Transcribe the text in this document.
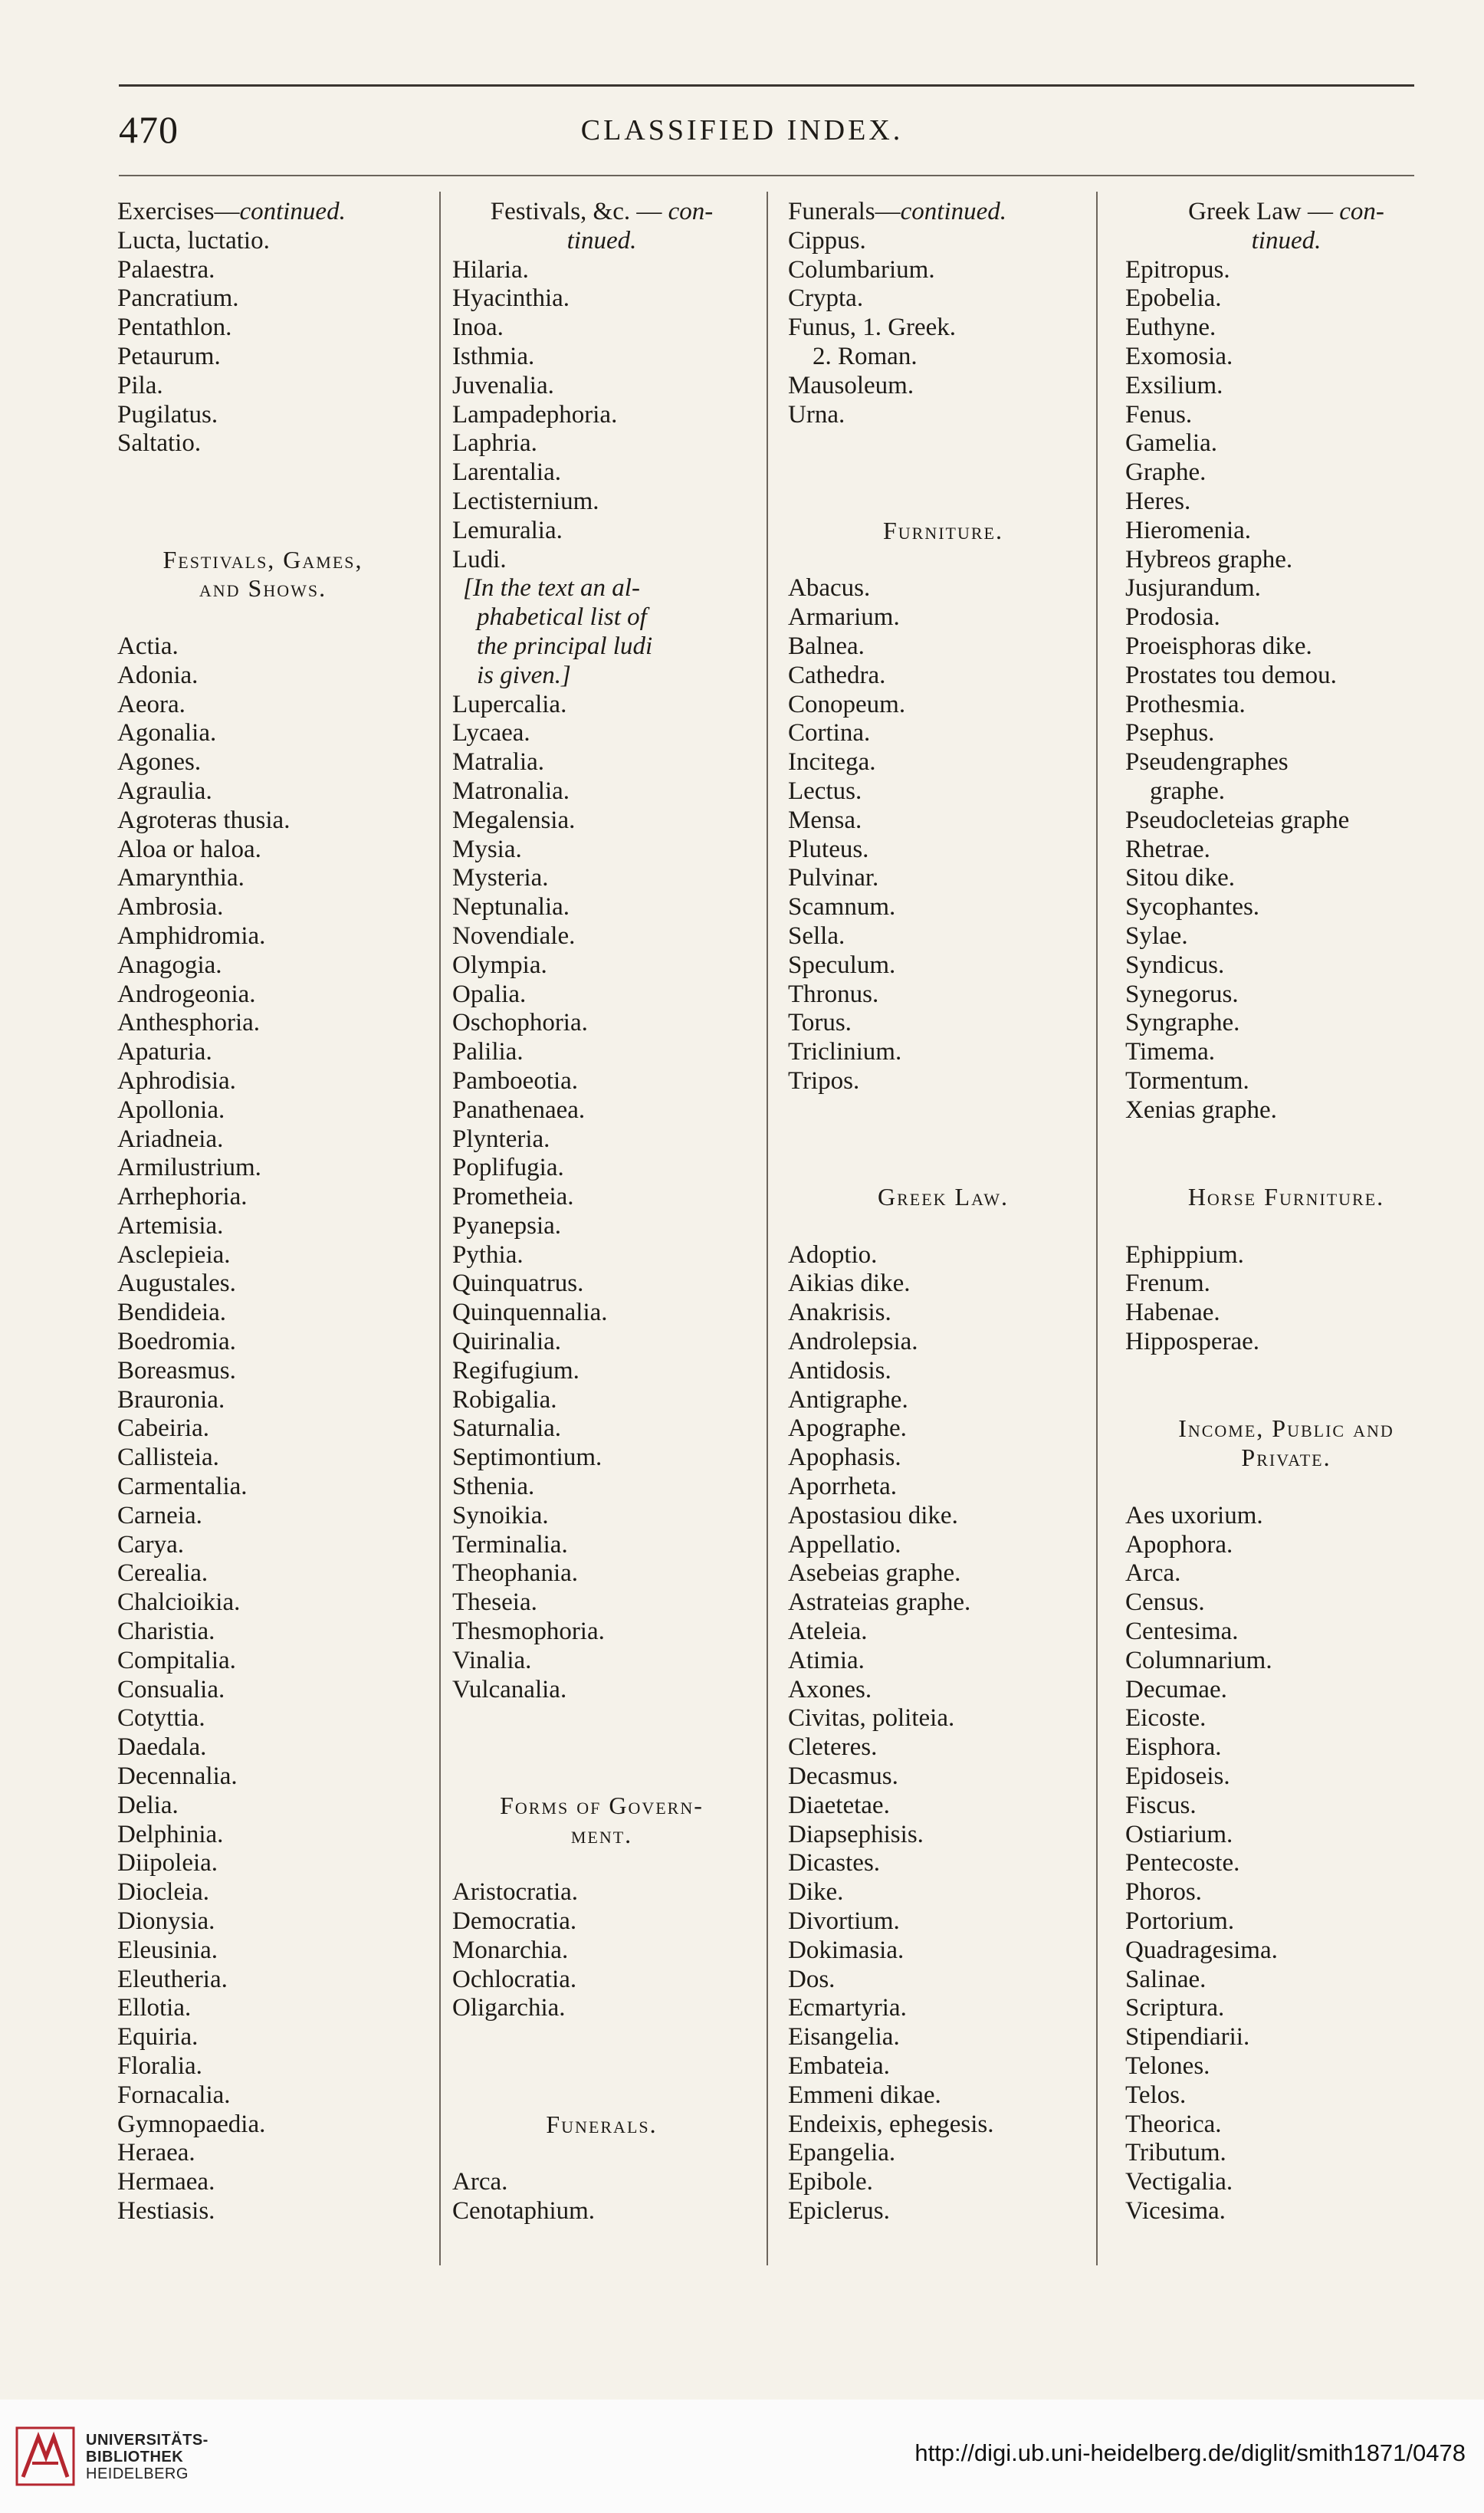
470	CLASSIFIED INDEX.
Exercises—continued.
Lucta, luctatio.
Palaestra.
Pancratium.
Pentathlon.
Petaurum.
Pila.
Pugilatus.
Saltatio.
Festivals, Games,
and Shows.
Actia.
Adonia.
Aeora.
Agonalia.
Agones.
Agraulia.
Agroteras thusia.
Aloa or haloa.
Amarynthia.
Ambrosia.
Amphidromia.
Anagogia.
Androgeonia.
Anthesphoria.
Apaturia.
Aphrodisia.
Apollonia.
Ariadneia.
Armilustrium.
Arrhephoria.
Artemisia.
Asclepieia.
Augustales.
Bendideia.
Boedromia.
Boreasmus.
Brauronia.
Cabeiria.
Callisteia.
Carmentalia.
Carneia.
Carya.
Cerealia.
Chalcioikia.
Charistia.
Compitalia.
Consualia.
Cotyttia.
Daedala.
Decennalia.
Delia.
Delphinia.
Diipoleia.
Diocleia.
Dionysia.
Eleusinia.
Eleutheria.
Ellotia.
Equiria.
Floralia.
Fornacalia.
Gymnopaedia.
Heraea.
Hermaea.
Hestiasis.
Festivals, &c. — con-
tinued.
Hilaria.
Hyacinthia.
Inoa.
Isthmia.
Juvenalia.
Lampadephoria.
Laphria.
Larentalia.
Lectisternium.
Lemuralia.
Ludi.
[In the text an al-
phabetical list of
the principal ludi
is given.]
Lupercalia.
Lycaea.
Matralia.
Matronalia.
Megalensia.
Mysia.
Mysteria.
Neptunalia.
Novendiale.
Olympia.
Opalia.
Oschophoria.
Palilia.
Pamboeotia.
Panathenaea.
Plynteria.
Poplifugia.
Prometheia.
Pyanepsia.
Pythia.
Quinquatrus.
Quinquennalia.
Quirinalia.
Regifugium.
Robigalia.
Saturnalia.
Septimontium.
Sthenia.
Synoikia.
Terminalia.
Theophania.
Theseia.
Thesmophoria.
Vinalia.
Vulcanalia.
Forms of Govern-
ment.
Aristocratia.
Democratia.
Monarchia.
Ochlocratia.
Oligarchia.
Funerals.
Arca.
Cenotaphium.
Funerals—continued.
Cippus.
Columbarium.
Crypta.
Funus, 1. Greek.
2. Roman.
Mausoleum.
Urna.
Furniture.
Abacus.
Armarium.
Balnea.
Cathedra.
Conopeum.
Cortina.
Incitega.
Lectus.
Mensa.
Pluteus.
Pulvinar.
Scamnum.
Sella.
Speculum.
Thronus.
Torus.
Triclinium.
Tripos.
Greek Law.
Adoptio.
Aikias dike.
Anakrisis.
Androlepsia.
Antidosis.
Antigraphe.
Apographe.
Apophasis.
Aporrheta.
Apostasiou dike.
Appellatio.
Asebeias graphe.
Astrateias graphe.
Ateleia.
Atimia.
Axones.
Civitas, politeia.
Cleteres.
Decasmus.
Diaetetae.
Diapsephisis.
Dicastes.
Dike.
Divortium.
Dokimasia.
Dos.
Ecmartyria.
Eisangelia.
Embateia.
Emmeni dikae.
Endeixis, ephegesis.
Epangelia.
Epibole.
Epiclerus.
Greek Law — con-
tinued.
Epitropus.
Epobelia.
Euthyne.
Exomosia.
Exsilium.
Fenus.
Gamelia.
Graphe.
Heres.
Hieromenia.
Hybreos graphe.
Jusjurandum.
Prodosia.
Proeisphoras dike.
Prostates tou demou.
Prothesmia.
Psephus.
Pseudengraphes
graphe.
Pseudocleteias graphe
Rhetrae.
Sitou dike.
Sycophantes.
Sylae.
Syndicus.
Synegorus.
Syngraphe.
Timema.
Tormentum.
Xenias graphe.
Horse Furniture.
Ephippium.
Frenum.
Habenae.
Hipposperae.
Income, Public and
Private.
Aes uxorium.
Apophora.
Arca.
Census.
Centesima.
Columnarium.
Decumae.
Eicoste.
Eisphora.
Epidoseis.
Fiscus.
Ostiarium.
Pentecoste.
Phoros.
Portorium.
Quadragesima.
Salinae.
Scriptura.
Stipendiarii.
Telones.
Telos.
Theorica.
Tributum.
Vectigalia.
Vicesima.
UNIVERSITÄTS-
BIBLIOTHEK
HEIDELBERG
http://digi.ub.uni-heidelberg.de/diglit/smith1871/0478
